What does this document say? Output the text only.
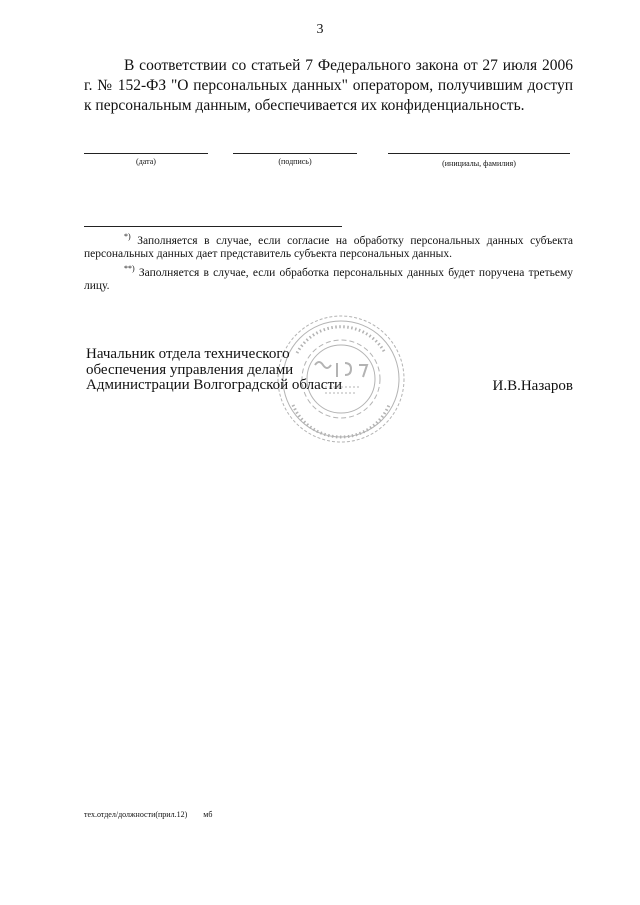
3
В соответствии со статьей 7 Федерального закона от 27 июля 2006 г. № 152-ФЗ "О персональных данных" оператором, получившим доступ к персональным данным, обеспечивается их конфиденциальность.
(дата)	(подпись)	(инициалы, фамилия)
*) Заполняется в случае, если согласие на обработку персональных данных субъекта персональных данных дает представитель субъекта персональных данных.
**) Заполняется в случае, если обработка персональных данных будет поручена третьему лицу.
Начальник отдела технического
обеспечения управления делами
Администрации Волгоградской области	И.В.Назаров
тех.отдел/должности(прил.12) мб
